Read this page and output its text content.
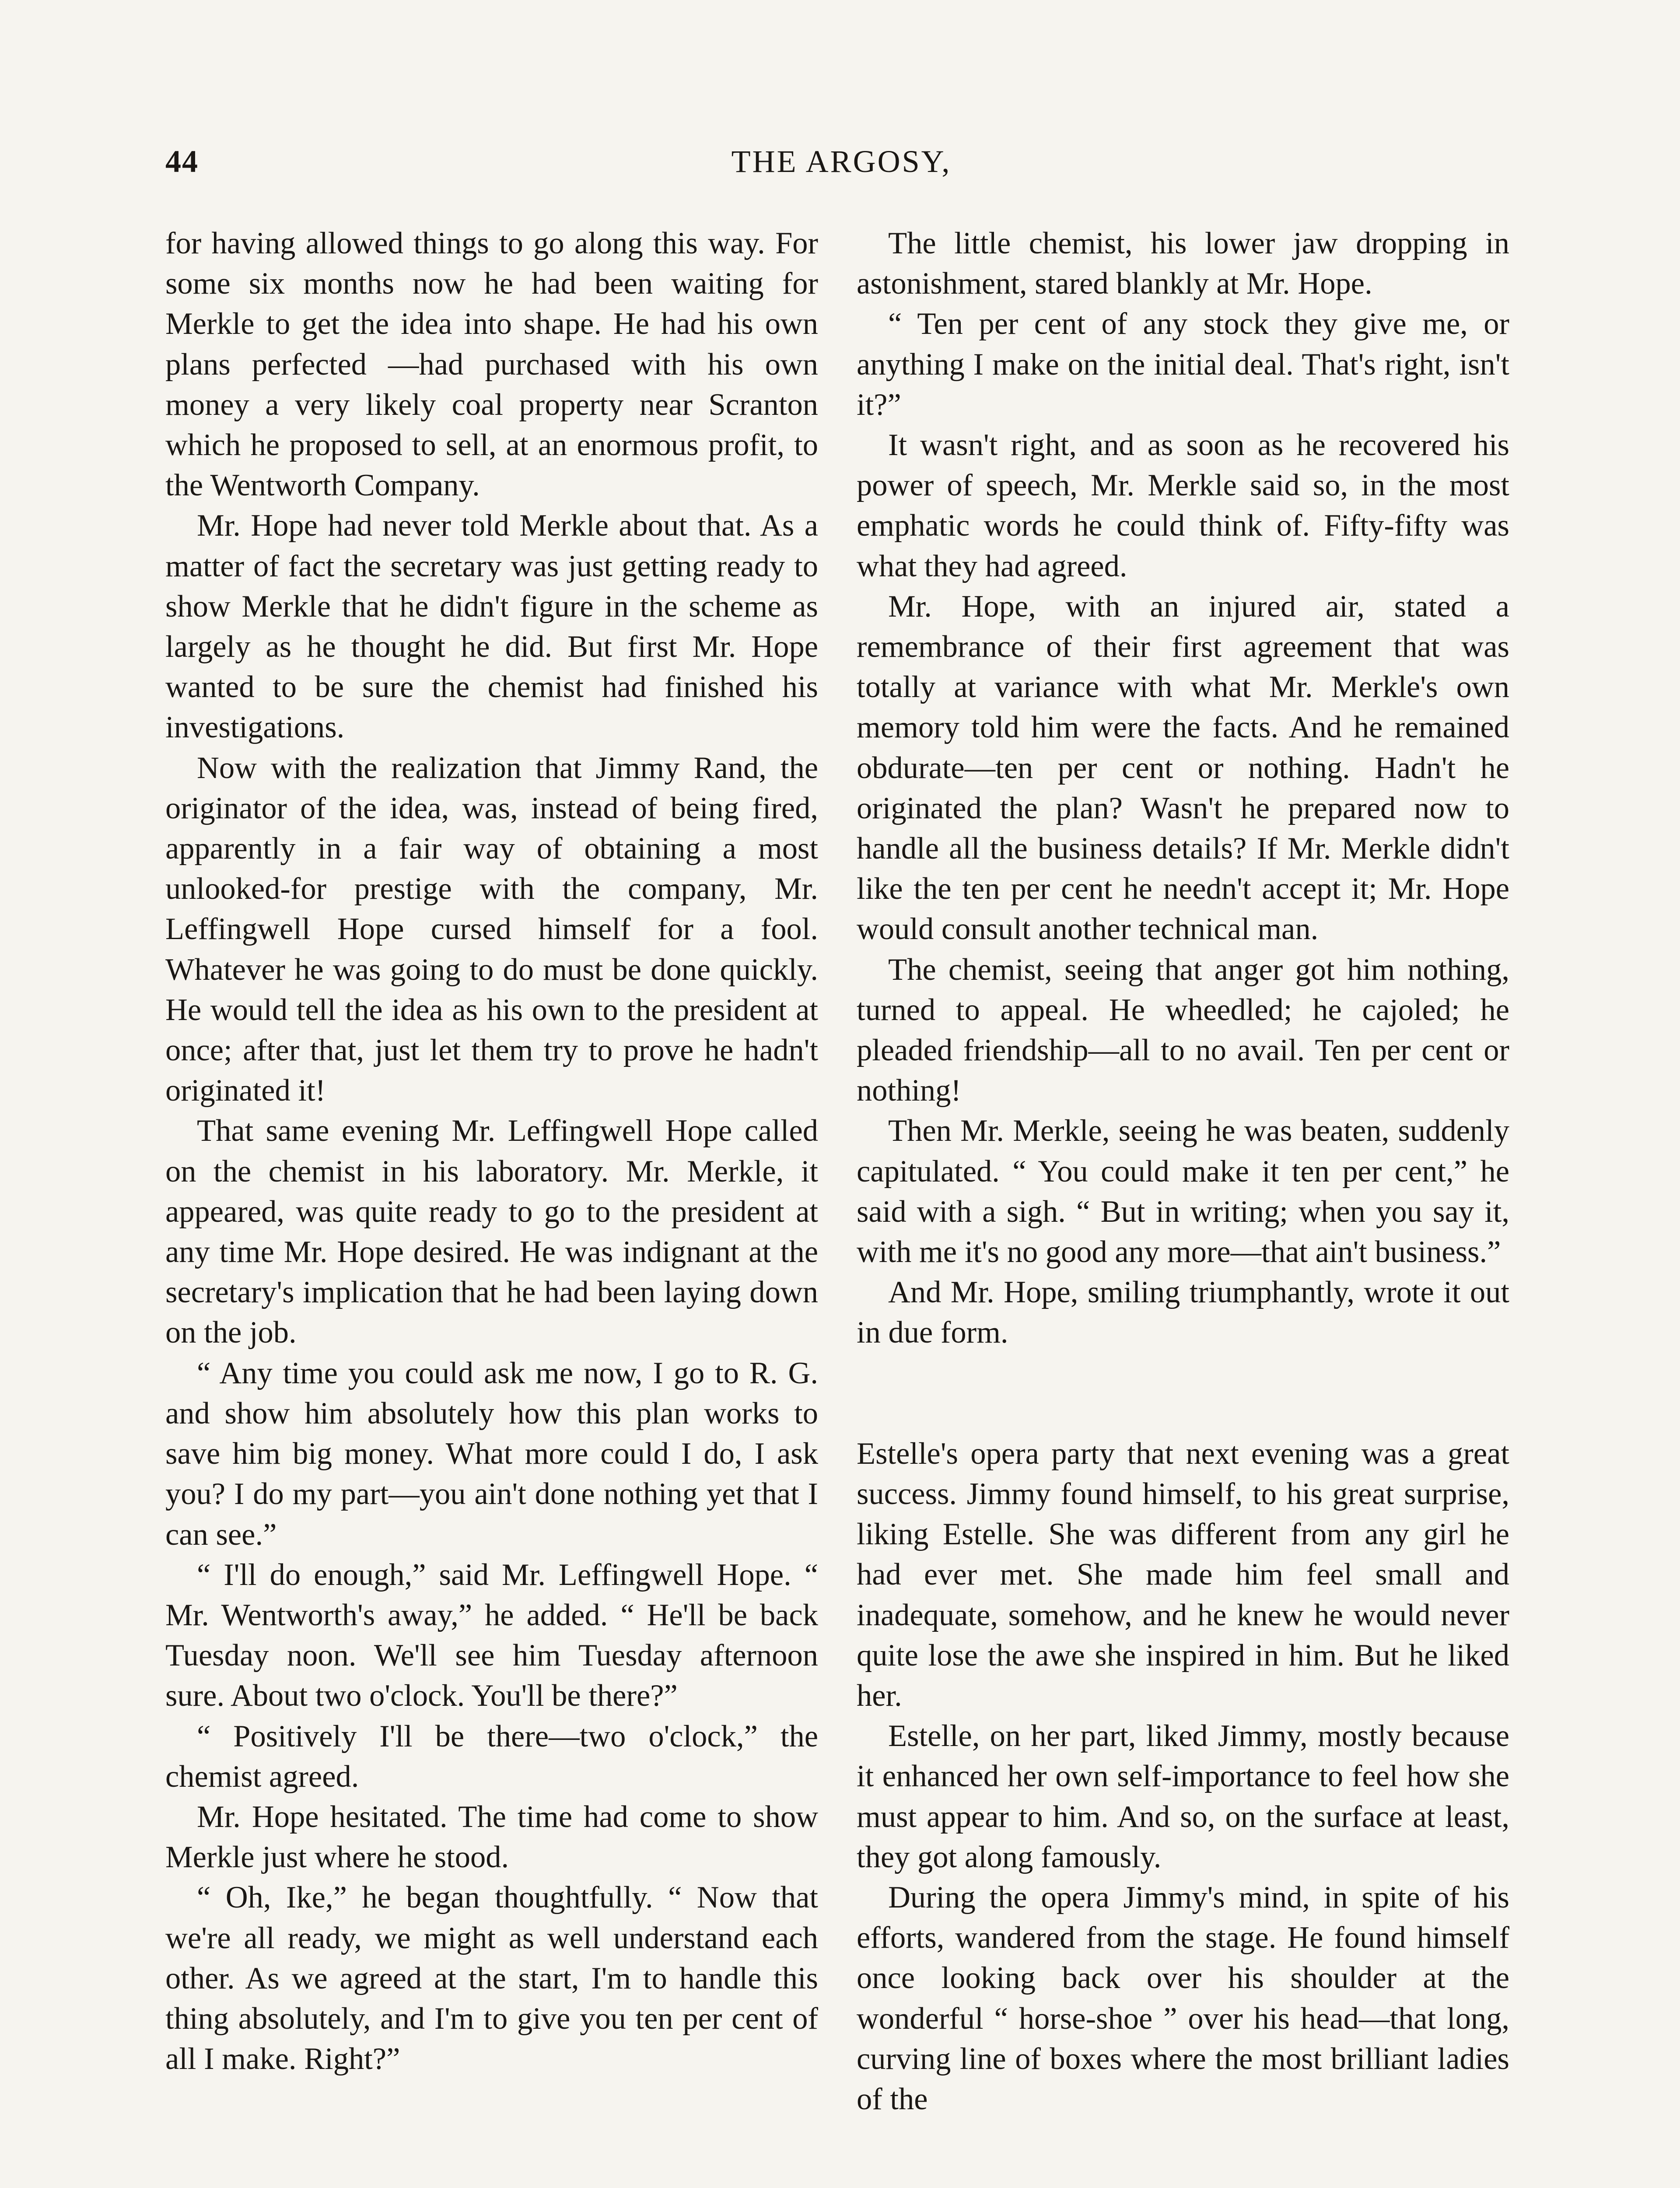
44	THE ARGOSY,

for having allowed things to go along this way. For some six months now he had been waiting for Merkle to get the idea into shape. He had his own plans perfected —had purchased with his own money a very likely coal property near Scranton which he proposed to sell, at an enormous profit, to the Wentworth Company.

Mr. Hope had never told Merkle about that. As a matter of fact the secretary was just getting ready to show Merkle that he didn't figure in the scheme as largely as he thought he did. But first Mr. Hope wanted to be sure the chemist had finished his investigations.

Now with the realization that Jimmy Rand, the originator of the idea, was, instead of being fired, apparently in a fair way of obtaining a most unlooked-for prestige with the company, Mr. Leffingwell Hope cursed himself for a fool. Whatever he was going to do must be done quickly. He would tell the idea as his own to the president at once; after that, just let them try to prove he hadn't originated it!

That same evening Mr. Leffingwell Hope called on the chemist in his laboratory. Mr. Merkle, it appeared, was quite ready to go to the president at any time Mr. Hope desired. He was indignant at the secretary's implication that he had been laying down on the job.

“ Any time you could ask me now, I go to R. G. and show him absolutely how this plan works to save him big money. What more could I do, I ask you? I do my part—you ain't done nothing yet that I can see.”

“ I'll do enough,” said Mr. Leffingwell Hope. “ Mr. Wentworth's away,” he added. “ He'll be back Tuesday noon. We'll see him Tuesday afternoon sure. About two o'clock. You'll be there?”

“ Positively I'll be there—two o'clock,” the chemist agreed.

Mr. Hope hesitated. The time had come to show Merkle just where he stood.

“ Oh, Ike,” he began thoughtfully. “ Now that we're all ready, we might as well understand each other. As we agreed at the start, I'm to handle this thing absolutely, and I'm to give you ten per cent of all I make. Right?”

The little chemist, his lower jaw dropping in astonishment, stared blankly at Mr. Hope.

“ Ten per cent of any stock they give me, or anything I make on the initial deal. That's right, isn't it?”

It wasn't right, and as soon as he recovered his power of speech, Mr. Merkle said so, in the most emphatic words he could think of. Fifty-fifty was what they had agreed.

Mr. Hope, with an injured air, stated a remembrance of their first agreement that was totally at variance with what Mr. Merkle's own memory told him were the facts. And he remained obdurate—ten per cent or nothing. Hadn't he originated the plan? Wasn't he prepared now to handle all the business details? If Mr. Merkle didn't like the ten per cent he needn't accept it; Mr. Hope would consult another technical man.

The chemist, seeing that anger got him nothing, turned to appeal. He wheedled; he cajoled; he pleaded friendship—all to no avail. Ten per cent or nothing!

Then Mr. Merkle, seeing he was beaten, suddenly capitulated. “ You could make it ten per cent,” he said with a sigh. “ But in writing; when you say it, with me it's no good any more—that ain't business.”

And Mr. Hope, smiling triumphantly, wrote it out in due form.

Estelle's opera party that next evening was a great success. Jimmy found himself, to his great surprise, liking Estelle. She was different from any girl he had ever met. She made him feel small and inadequate, somehow, and he knew he would never quite lose the awe she inspired in him. But he liked her.

Estelle, on her part, liked Jimmy, mostly because it enhanced her own self-importance to feel how she must appear to him. And so, on the surface at least, they got along famously.

During the opera Jimmy's mind, in spite of his efforts, wandered from the stage. He found himself once looking back over his shoulder at the wonderful “ horse-shoe ” over his head—that long, curving line of boxes where the most brilliant ladies of the
